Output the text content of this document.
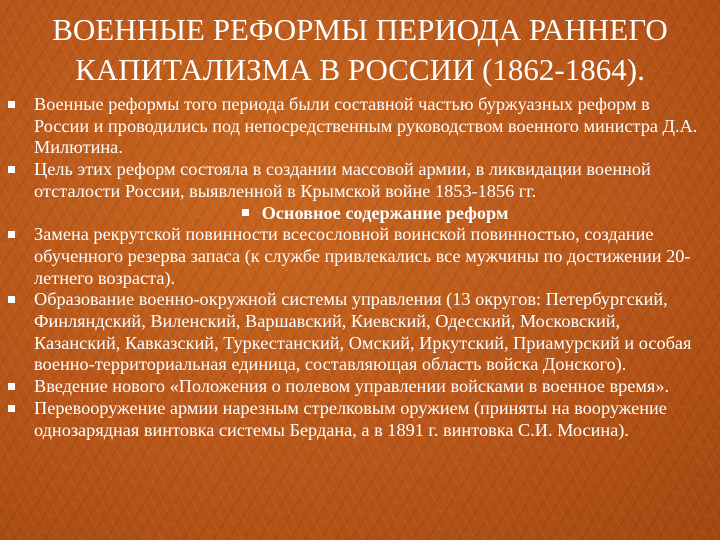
ВОЕННЫЕ РЕФОРМЫ ПЕРИОДА РАННЕГО КАПИТАЛИЗМА В РОССИИ (1862-1864).

Военные реформы того периода были составной частью буржуазных реформ в России и проводились под непосредственным руководством военного министра Д.А. Милютина.

Цель этих реформ состояла в создании массовой армии, в ликвидации военной отсталости России, выявленной в Крымской войне 1853-1856 гг.

Основное содержание реформ

Замена рекрутской повинности всесословной воинской повинностью, создание обученного резерва запаса (к службе привлекались все мужчины по достижении 20-летнего возраста).

Образование военно-окружной системы управления (13 округов: Петербургский, Финляндский, Виленский, Варшавский, Киевский, Одесский, Московский, Казанский, Кавказский, Туркестанский, Омский, Иркутский, Приамурский и особая военно-территориальная единица, составляющая область войска Донского).

Введение нового «Положения о полевом управлении войсками в военное время».

Перевооружение армии нарезным стрелковым оружием (приняты на вооружение однозарядная винтовка системы Бердана, а в 1891 г. винтовка С.И. Мосина).
